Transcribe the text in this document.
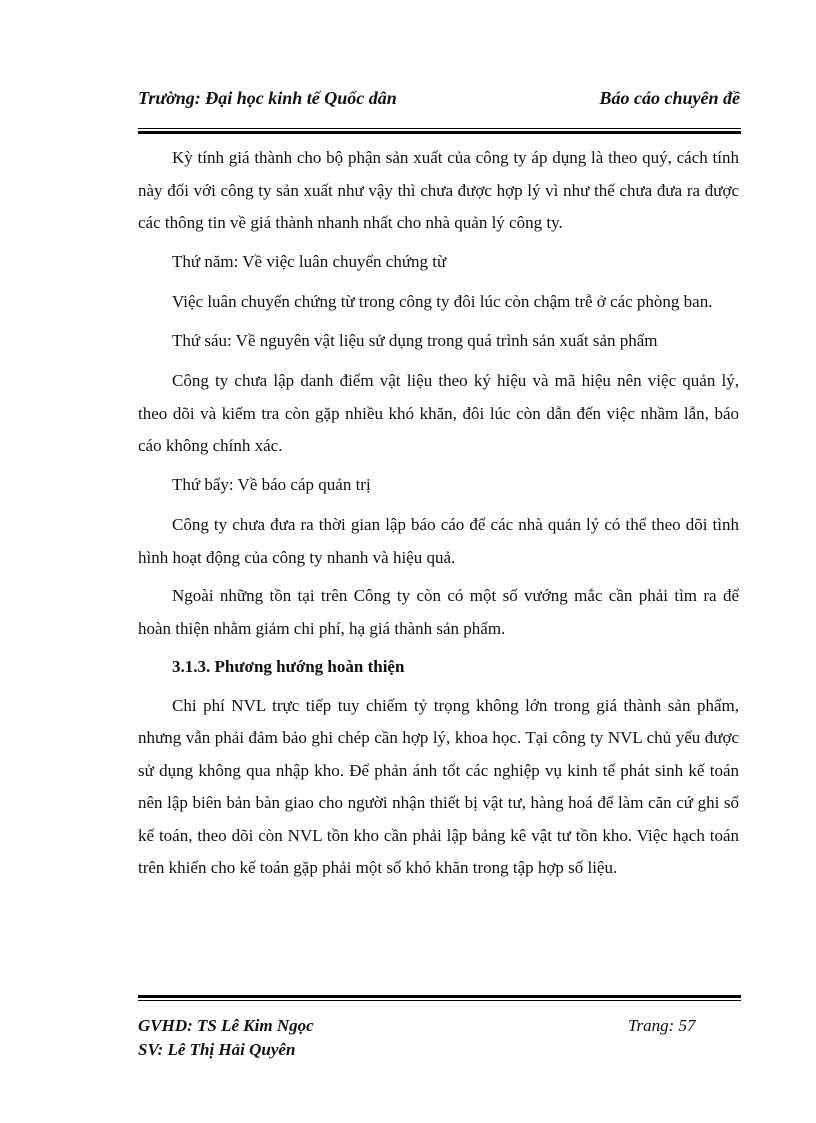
Trường: Đại học kinh tế Quốc dân	Báo cáo chuyên đề

Kỳ tính giá thành cho bộ phận sản xuất của công ty áp dụng là theo quý, cách tính này đối với công ty sản xuất như vậy thì chưa được hợp lý vì như thế chưa đưa ra được các thông tin về giá thành nhanh nhất cho nhà quản lý công ty.

Thứ năm: Về việc luân chuyển chứng từ

Việc luân chuyển chứng từ trong công ty đôi lúc còn chậm trễ ở các phòng ban.

Thứ sáu: Về nguyên vật liệu sử dụng trong quá trình sản xuất sản phẩm

Công ty chưa lập danh điểm vật liệu theo ký hiệu và mã hiệu nên việc quản lý, theo dõi và kiểm tra còn gặp nhiều khó khăn, đôi lúc còn dẫn đến việc nhầm lẫn, báo cáo không chính xác.

Thứ bẩy: Về báo cáp quản trị

Công ty chưa đưa ra thời gian lập báo cáo để các nhà quản lý có thể theo dõi tình hình hoạt động của công ty nhanh và hiệu quả.

Ngoài những tồn tại trên Công ty còn có một số vướng mắc cần phải tìm ra để hoàn thiện nhằm giảm chi phí, hạ giá thành sản phẩm.

3.1.3. Phương hướng hoàn thiện

Chi phí NVL trực tiếp tuy chiếm tỷ trọng không lớn trong giá thành sản phẩm, nhưng vẫn phải đảm bảo ghi chép cần hợp lý, khoa học. Tại công ty NVL chủ yếu được sử dụng không qua nhập kho. Để phản ánh tốt các nghiệp vụ kinh tế phát sinh kế toán nên lập biên bản bàn giao cho người nhận thiết bị vật tư, hàng hoá để làm căn cứ ghi sổ kế toán, theo dõi còn NVL tồn kho cần phải lập bảng kê vật tư tồn kho. Việc hạch toán trên khiến cho kế toán gặp phải một số khó khăn trong tập hợp số liệu.

GVHD: TS Lê Kim Ngọc
SV: Lê Thị Hải Quyên
Trang: 57
